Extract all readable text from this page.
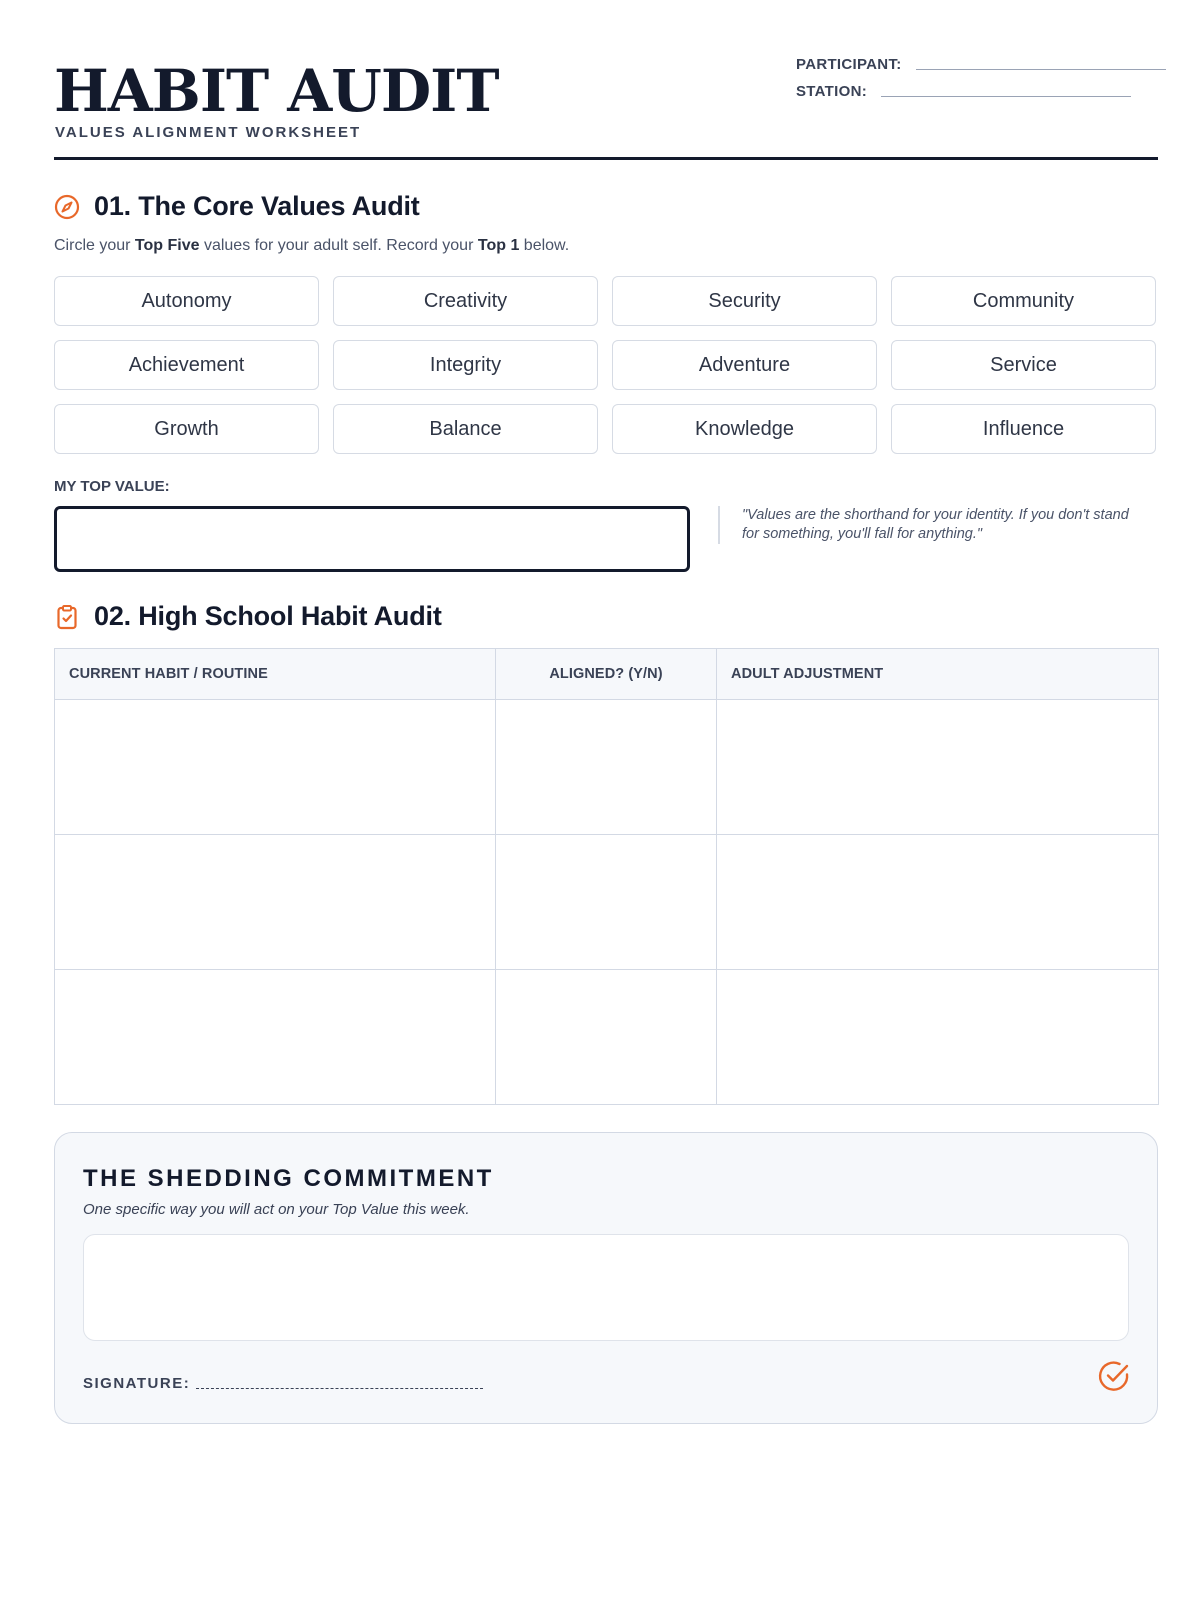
HABIT AUDIT
VALUES ALIGNMENT WORKSHEET
PARTICIPANT:
STATION:
01. The Core Values Audit
Circle your Top Five values for your adult self. Record your Top 1 below.
Autonomy	Creativity	Security	Community
Achievement	Integrity	Adventure	Service
Growth	Balance	Knowledge	Influence
MY TOP VALUE:
"Values are the shorthand for your identity. If you don't stand for something, you'll fall for anything."
02. High School Habit Audit
CURRENT HABIT / ROUTINE	ALIGNED? (Y/N)	ADULT ADJUSTMENT

THE SHEDDING COMMITMENT
One specific way you will act on your Top Value this week.
SIGNATURE:
